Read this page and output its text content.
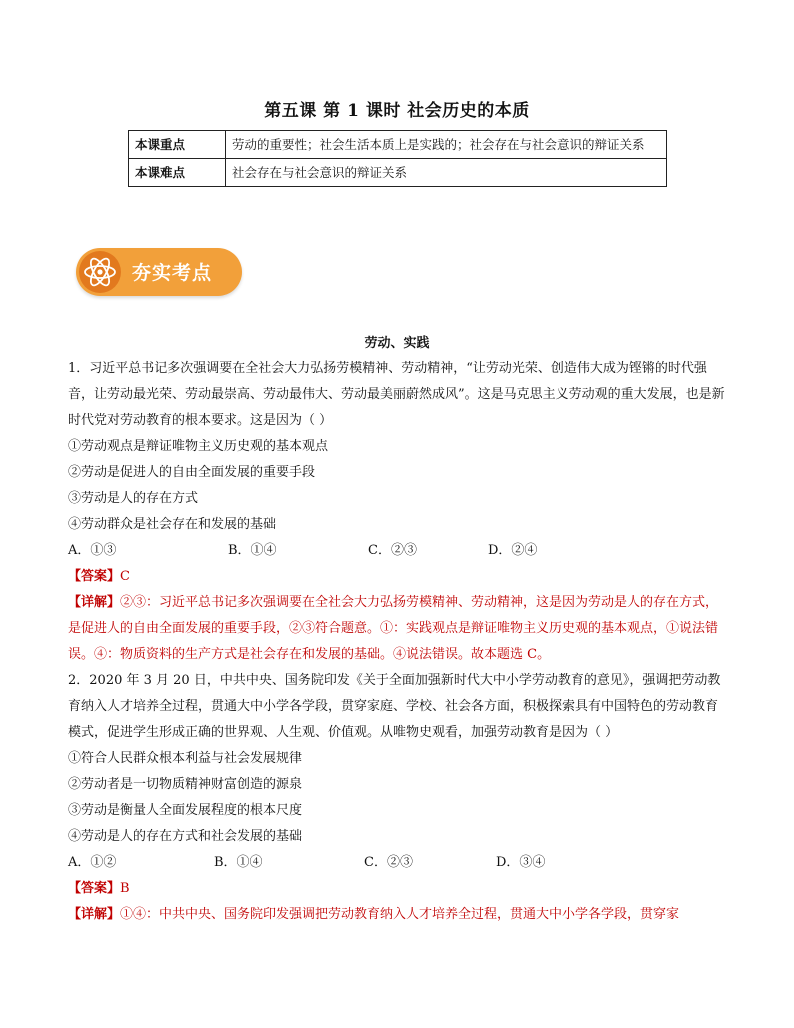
第五课 第 1 课时 社会历史的本质
本课重点	劳动的重要性；社会生活本质上是实践的；社会存在与社会意识的辩证关系
本课难点	社会存在与社会意识的辩证关系
夯实考点
劳动、实践
1．习近平总书记多次强调要在全社会大力弘扬劳模精神、劳动精神，“让劳动光荣、创造伟大成为铿锵的时代强音，让劳动最光荣、劳动最崇高、劳动最伟大、劳动最美丽蔚然成风”。这是马克思主义劳动观的重大发展，也是新时代党对劳动教育的根本要求。这是因为（ ）
①劳动观点是辩证唯物主义历史观的基本观点
②劳动是促进人的自由全面发展的重要手段
③劳动是人的存在方式
④劳动群众是社会存在和发展的基础
A．①③	B．①④	C．②③	D．②④
【答案】C
【详解】②③：习近平总书记多次强调要在全社会大力弘扬劳模精神、劳动精神，这是因为劳动是人的存在方式，是促进人的自由全面发展的重要手段，②③符合题意。①：实践观点是辩证唯物主义历史观的基本观点，①说法错误。④：物质资料的生产方式是社会存在和发展的基础。④说法错误。故本题选 C。
2．2020 年 3 月 20 日，中共中央、国务院印发《关于全面加强新时代大中小学劳动教育的意见》，强调把劳动教育纳入人才培养全过程，贯通大中小学各学段，贯穿家庭、学校、社会各方面，积极探索具有中国特色的劳动教育模式，促进学生形成正确的世界观、人生观、价值观。从唯物史观看，加强劳动教育是因为（ ）
①符合人民群众根本利益与社会发展规律
②劳动者是一切物质精神财富创造的源泉
③劳动是衡量人全面发展程度的根本尺度
④劳动是人的存在方式和社会发展的基础
A．①②	B．①④	C．②③	D．③④
【答案】B
【详解】①④：中共中央、国务院印发强调把劳动教育纳入人才培养全过程，贯通大中小学各学段，贯穿家
